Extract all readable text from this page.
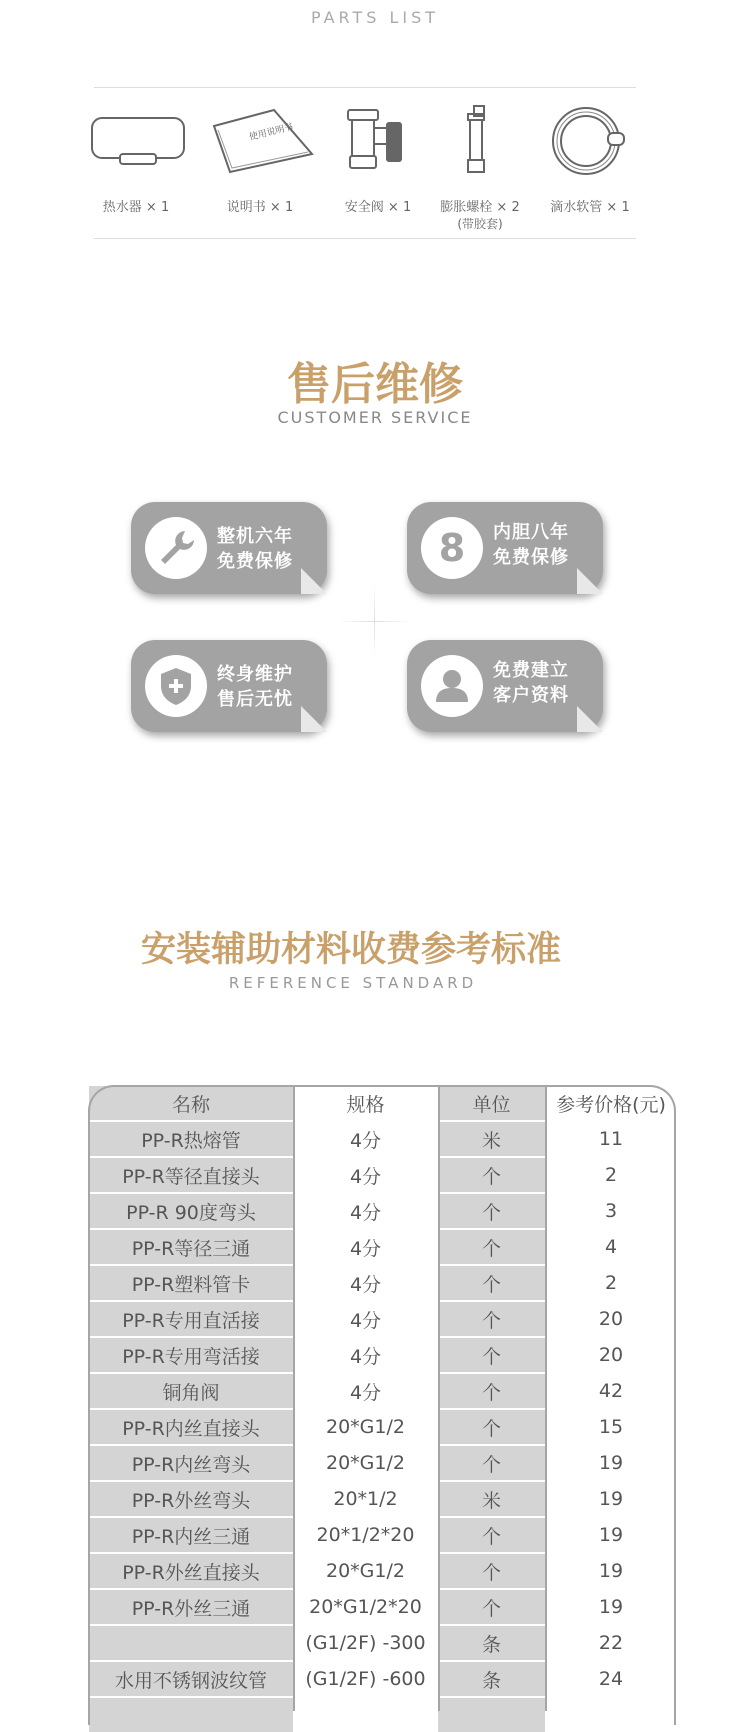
PARTS LIST
使用说明书
热水器 × 1	说明书 × 1	安全阀 × 1	膨胀螺栓 × 2
(带胶套)
滴水软管 × 1
售后维修
CUSTOMER SERVICE
整机六年
免费保修	8	内胆八年
免费保修
终身维护
售后无忧
免费建立
客户资料
安装辅助材料收费参考标准
REFERENCE STANDARD
名称	规格	单位	参考价格(元)
PP-R热熔管	4分	米	11
PP-R等径直接头	4分	个	2
PP-R 90度弯头	4分	个	3
PP-R等径三通	4分	个	4
PP-R塑料管卡	4分	个	2
PP-R专用直活接	4分	个	20
PP-R专用弯活接	4分	个	20
铜角阀	4分	个	42
PP-R内丝直接头	20*G1/2	个	15
PP-R内丝弯头	20*G1/2	个	19
PP-R外丝弯头	20*1/2	米	19
PP-R内丝三通	20*1/2*20	个	19
PP-R外丝直接头	20*G1/2	个	19
PP-R外丝三通	20*G1/2*20	个	19
	(G1/2F) -300	条	22
水用不锈钢波纹管	(G1/2F) -600	条	24
